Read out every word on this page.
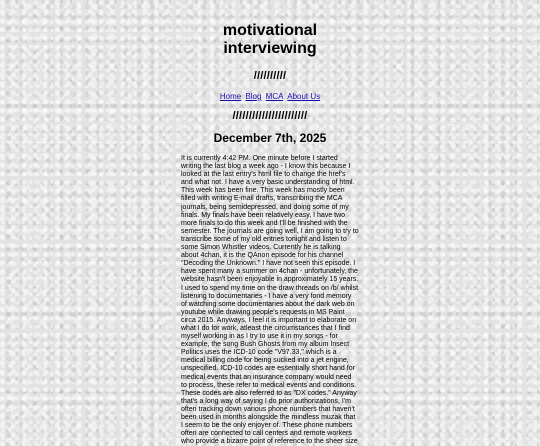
motivational interviewing
//////////
Home Blog MCA About Us
///////////////////////
December 7th, 2025
It is currently 4:42 PM. One minute before I started writing the last blog a week ago - I know this because I looked at the last entry's html file to change the href's and what not. I have a very basic understanding of html. This week has been fine. This week has mostly been filled with writing E-mail drafts, transcribing the MCA journals, being semidepressed, and doing some of my finals. My finals have been relatively easy, I have two more finals to do this week and I'll be finished with the semester. The journals are going well, I am going to try to transcribe some of my old entries tonight and listen to some Simon Whistler videos. Currently he is talking about 4chan, it is the QAnon episode for his channel "Decoding the Unknown." I have not seen this episode. I have spent many a summer on 4chan - unfortunately, the website hasn't been enjoyable in approximately 15 years. I used to spend my time on the draw threads on /b/ whilst listening to documentaries - I have a very fond memory of watching some documentaries about the dark web on youtube while drawing people's requests in MS Paint circa 2015. Anyways, I feel it is important to elaborate on what I do for work, atleast the circumstances that I find myself working in as I try to use it in my songs - for example, the song Bush Ghosts from my album Insect Politics uses the ICD-10 code "V97.33," which is a medical billing code for being sucked into a jet engine, unspecified. ICD-10 codes are essentially short hand for medical events that an insurance company would need to process, these refer to medical events and conditions. These codes are also referred to as "DX codes." Anyway that's a long way of saying I do prior authorizations, I'm often tracking down various phone numbers that haven't been used in months alongside the mindless muzak that I seem to be the only enjoyer of. These phone numbers often are connected to call centers and remote workers who provide a bizarre point of reference to the sheer size
